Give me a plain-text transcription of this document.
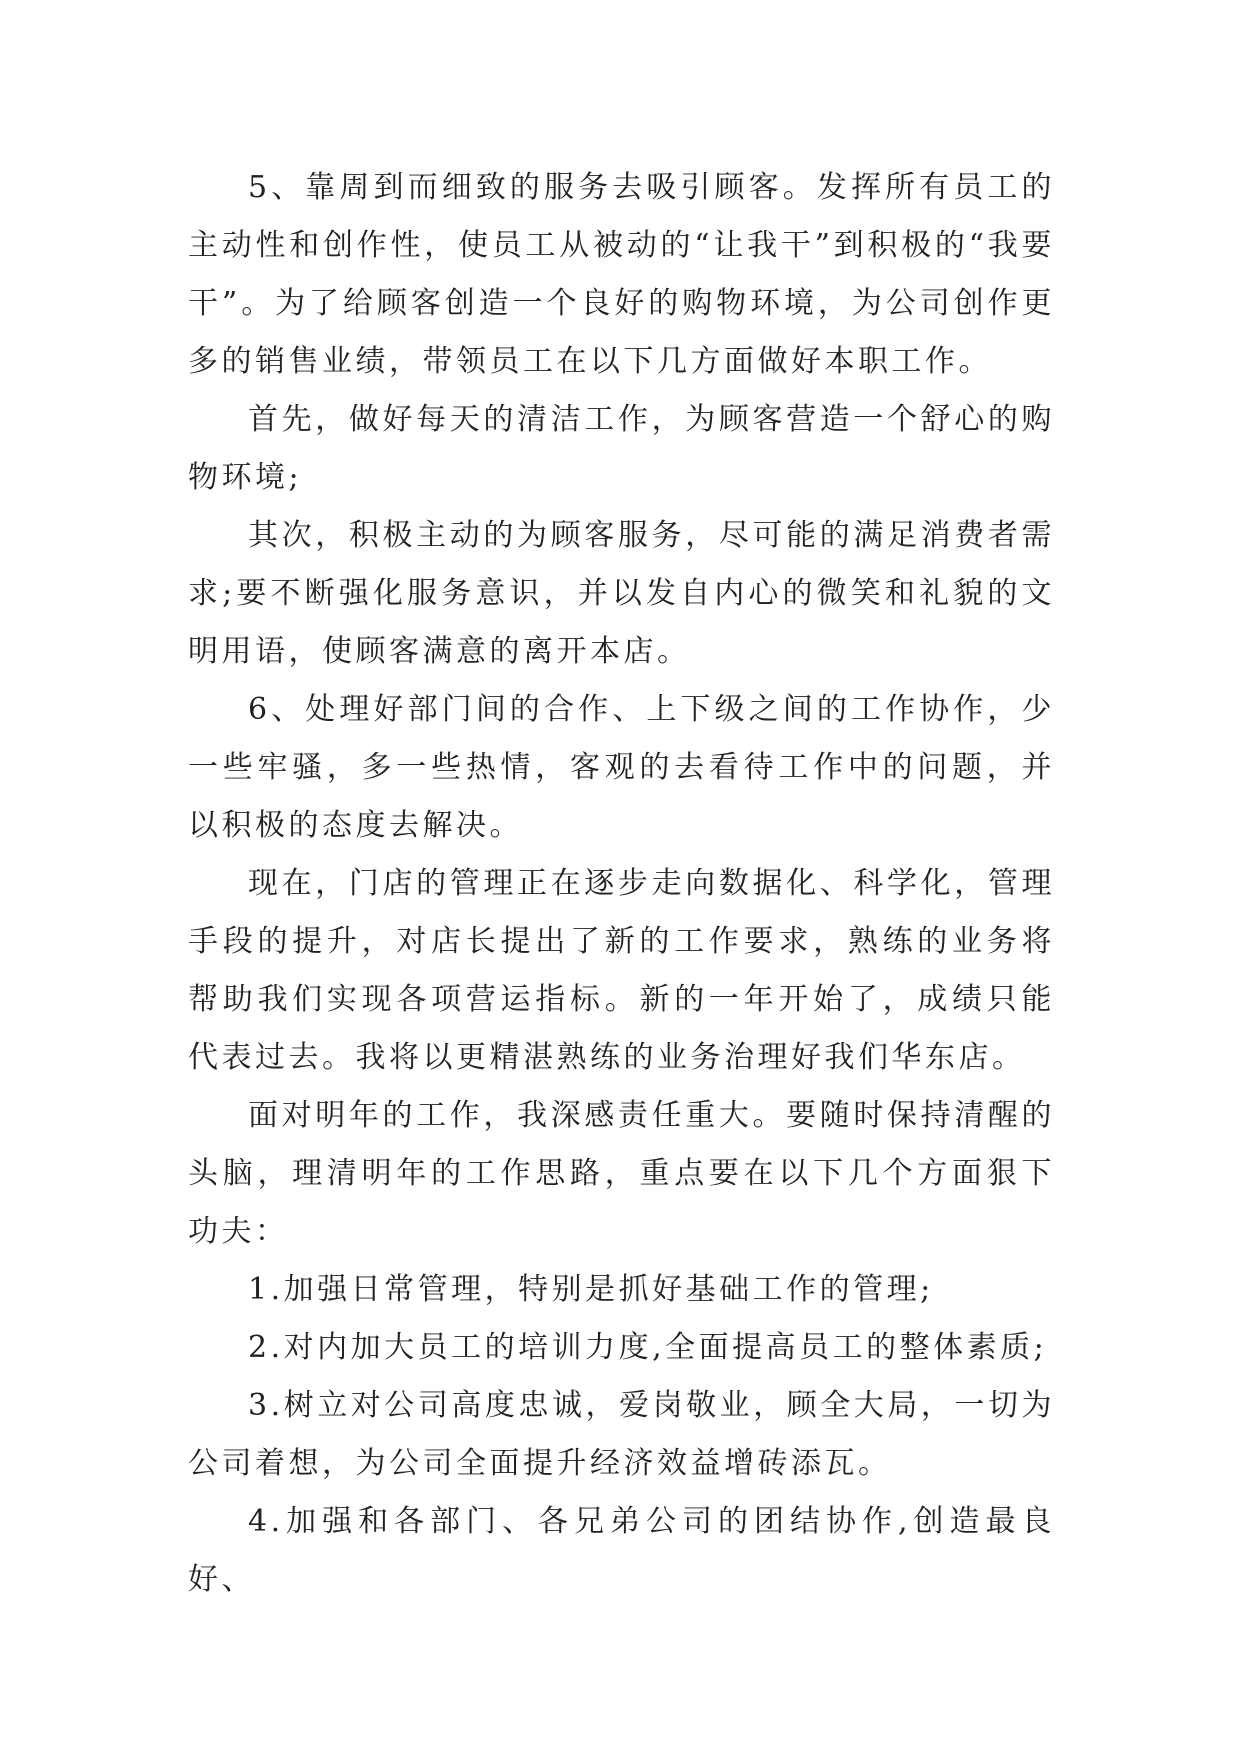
5、靠周到而细致的服务去吸引顾客。发挥所有员工的主动性和创作性，使员工从被动的“让我干”到积极的“我要干”。为了给顾客创造一个良好的购物环境，为公司创作更多的销售业绩，带领员工在以下几方面做好本职工作。

首先，做好每天的清洁工作，为顾客营造一个舒心的购物环境;

其次，积极主动的为顾客服务，尽可能的满足消费者需求;要不断强化服务意识，并以发自内心的微笑和礼貌的文明用语，使顾客满意的离开本店。

6、处理好部门间的合作、上下级之间的工作协作，少一些牢骚，多一些热情，客观的去看待工作中的问题，并以积极的态度去解决。

现在，门店的管理正在逐步走向数据化、科学化，管理手段的提升，对店长提出了新的工作要求，熟练的业务将帮助我们实现各项营运指标。新的一年开始了，成绩只能代表过去。我将以更精湛熟练的业务治理好我们华东店。

面对明年的工作，我深感责任重大。要随时保持清醒的头脑，理清明年的工作思路，重点要在以下几个方面狠下功夫：

1.加强日常管理，特别是抓好基础工作的管理;

2.对内加大员工的培训力度,全面提高员工的整体素质;

3.树立对公司高度忠诚，爱岗敬业，顾全大局，一切为公司着想，为公司全面提升经济效益增砖添瓦。

4.加强和各部门、各兄弟公司的团结协作,创造最良好、
